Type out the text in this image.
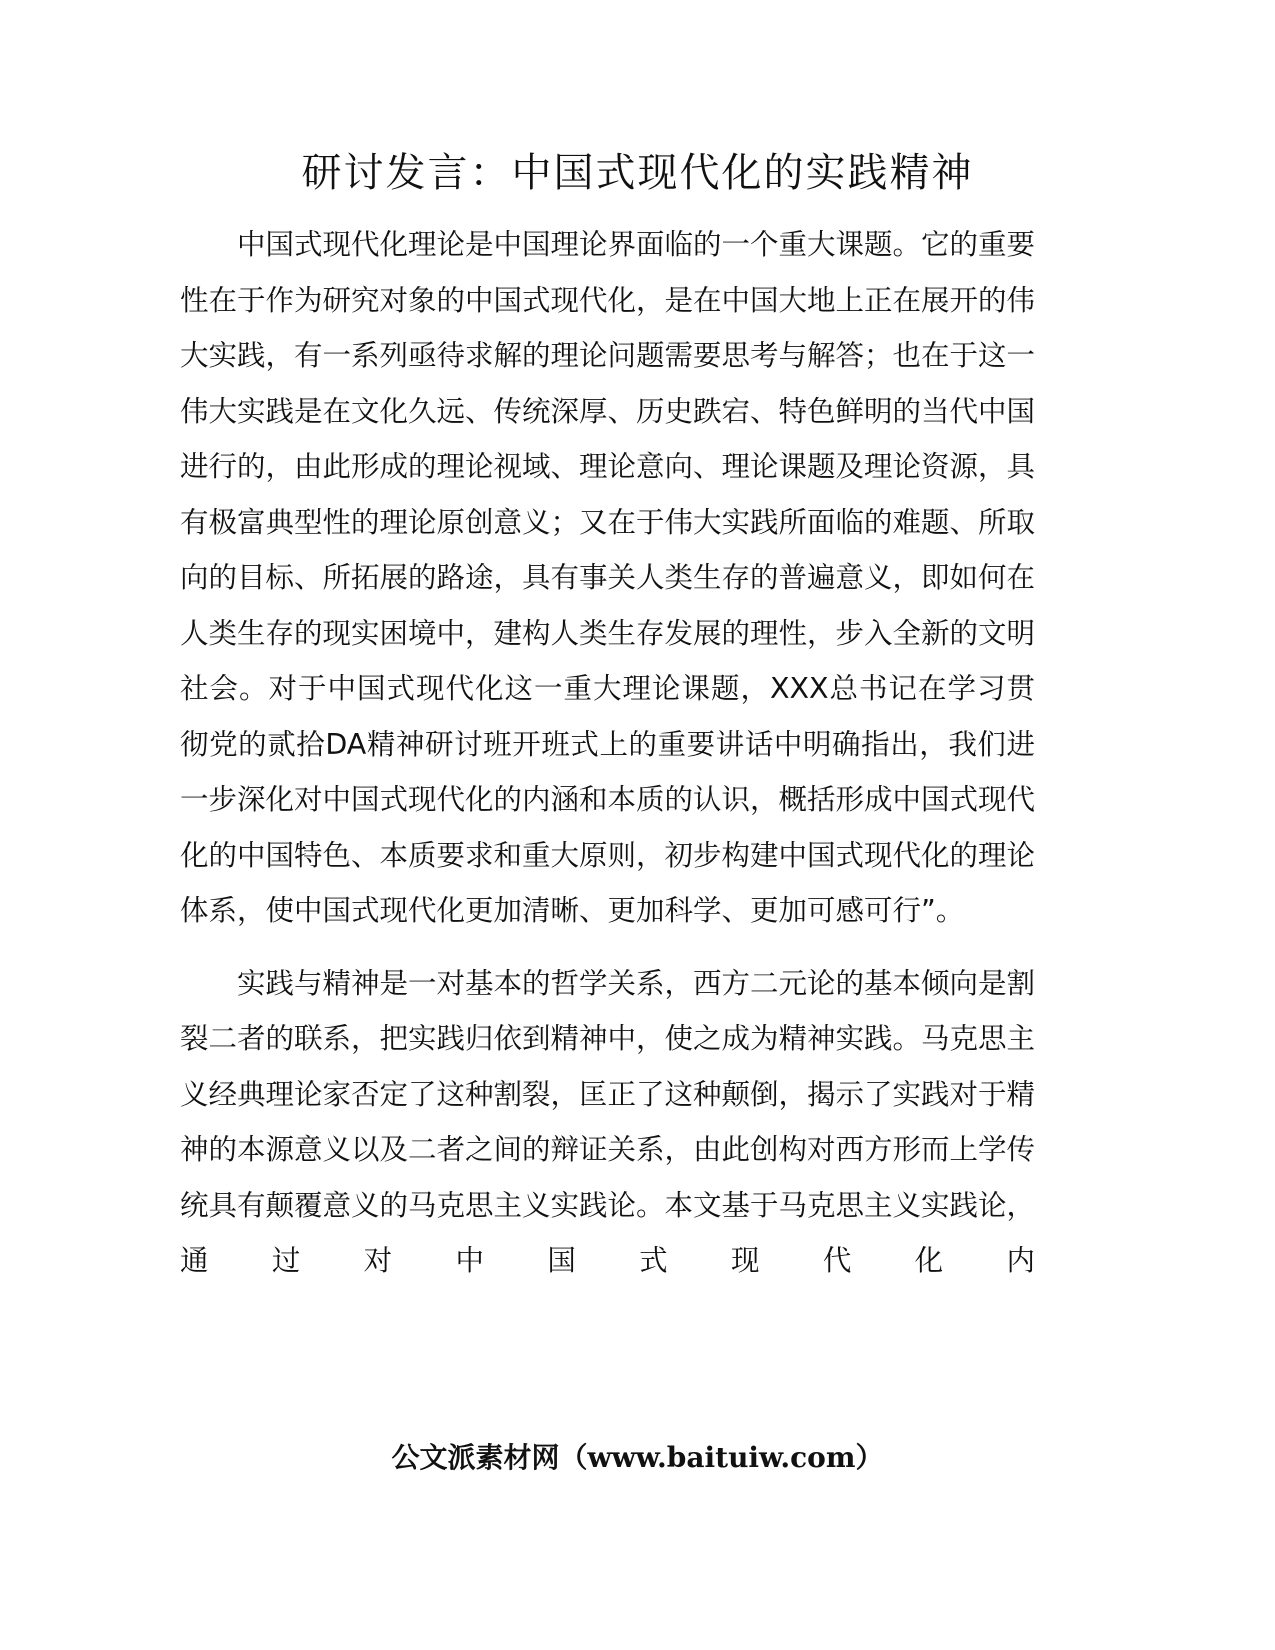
研讨发言：中国式现代化的实践精神

中国式现代化理论是中国理论界面临的一个重大课题。它的重要性在于作为研究对象的中国式现代化，是在中国大地上正在展开的伟大实践，有一系列亟待求解的理论问题需要思考与解答；也在于这一伟大实践是在文化久远、传统深厚、历史跌宕、特色鲜明的当代中国进行的，由此形成的理论视域、理论意向、理论课题及理论资源，具有极富典型性的理论原创意义；又在于伟大实践所面临的难题、所取向的目标、所拓展的路途，具有事关人类生存的普遍意义，即如何在人类生存的现实困境中，建构人类生存发展的理性，步入全新的文明社会。对于中国式现代化这一重大理论课题，XXX总书记在学习贯彻党的贰拾DA精神研讨班开班式上的重要讲话中明确指出，我们进一步深化对中国式现代化的内涵和本质的认识，概括形成中国式现代化的中国特色、本质要求和重大原则，初步构建中国式现代化的理论体系，使中国式现代化更加清晰、更加科学、更加可感可行”。

实践与精神是一对基本的哲学关系，西方二元论的基本倾向是割裂二者的联系，把实践归依到精神中，使之成为精神实践。马克思主义经典理论家否定了这种割裂，匡正了这种颠倒，揭示了实践对于精神的本源意义以及二者之间的辩证关系，由此创构对西方形而上学传统具有颠覆意义的马克思主义实践论。本文基于马克思主义实践论，通过对中国式现代化内

公文派素材网（www.baituiw.com）
